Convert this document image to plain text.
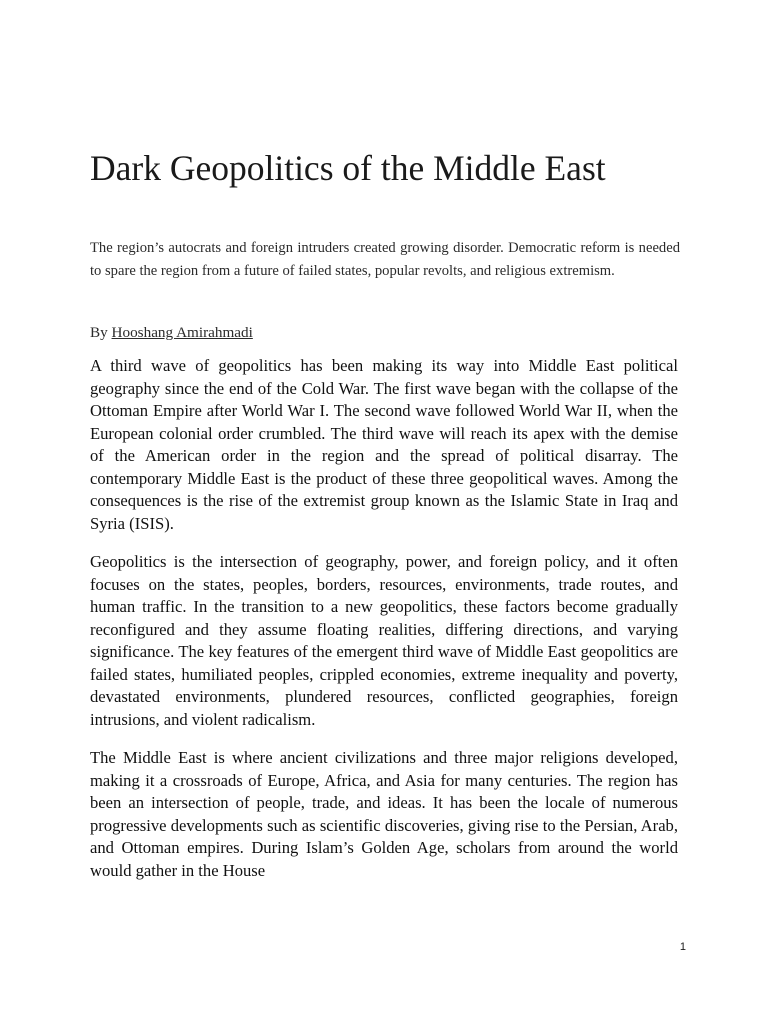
Dark Geopolitics of the Middle East

The region’s autocrats and foreign intruders created growing disorder. Democratic reform is needed to spare the region from a future of failed states, popular revolts, and religious extremism.

By Hooshang Amirahmadi

A third wave of geopolitics has been making its way into Middle East political geography since the end of the Cold War. The first wave began with the collapse of the Ottoman Empire after World War I. The second wave followed World War II, when the European colonial order crumbled. The third wave will reach its apex with the demise of the American order in the region and the spread of political disarray. The contemporary Middle East is the product of these three geopolitical waves. Among the consequences is the rise of the extremist group known as the Islamic State in Iraq and Syria (ISIS).

Geopolitics is the intersection of geography, power, and foreign policy, and it often focuses on the states, peoples, borders, resources, environments, trade routes, and human traffic. In the transition to a new geopolitics, these factors become gradually reconfigured and they assume floating realities, differing directions, and varying significance. The key features of the emergent third wave of Middle East geopolitics are failed states, humiliated peoples, crippled economies, extreme inequality and poverty, devastated environments, plundered resources, conflicted geographies, foreign intrusions, and violent radicalism.

The Middle East is where ancient civilizations and three major religions developed, making it a crossroads of Europe, Africa, and Asia for many centuries. The region has been an intersection of people, trade, and ideas. It has been the locale of numerous progressive developments such as scientific discoveries, giving rise to the Persian, Arab, and Ottoman empires. During Islam’s Golden Age, scholars from around the world would gather in the House

1
